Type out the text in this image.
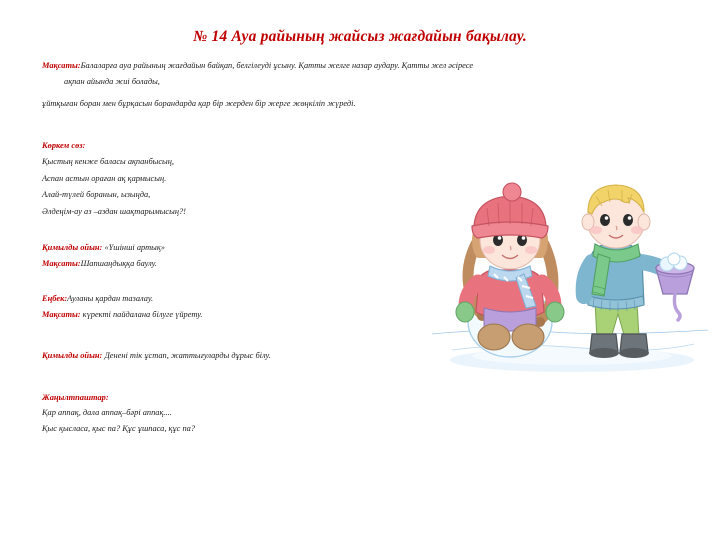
№ 14 Ауа райының жайсыз жағдайын бақылау.
Мақсаты:Балаларға ауа райының жағдайын байқап, белгілеуді ұсыну. Қатты желге назар аудару. Қатты жел әсіресе
ақпан айында жиі болады,
ұйтқыған боран мен бұрқасын борандарда қар бір жерден бір жерге жөңкіліп жүреді.
Көркем сөз:
Қыстың кенже баласы ақпанбысың,
Аспан астын ораған ақ қармысың.
Алай-түлей боранын, ызыңда,
Әлдеңім-ау аз –аздан шақтарымысың?!
Қимылды ойын: «Үшінші артық»
Мақсаты:Шапшаңдыққа баулу.
Еңбек:Ауланы қардан тазалау.
Мақсаты: күректі пайдалана білуге үйрету.
Қимылды ойын: Денені тік ұстап, жаттығуларды дұрыс білу.
Жаңылтпаштар:
Қар аппақ, дала аппақ–бәрі аппақ....
Қыс қысласа, қыс па? Құс ұшпаса, құс па?
